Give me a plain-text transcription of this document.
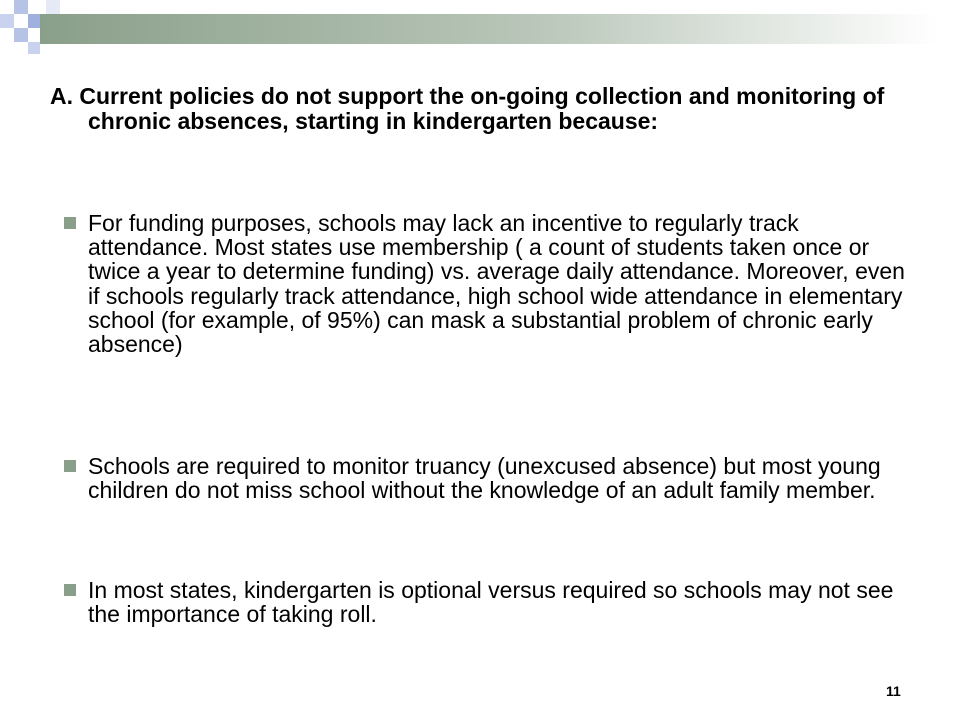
A. Current policies do not support the on-going collection and monitoring of chronic absences, starting in kindergarten because:

For funding purposes, schools may lack an incentive to regularly track attendance. Most states use membership ( a count of students taken once or twice a year to determine funding) vs. average daily attendance. Moreover, even if schools regularly track attendance, high school wide attendance in elementary school (for example, of 95%) can mask a substantial problem of chronic early absence)
Schools are required to monitor truancy (unexcused absence) but most young children do not miss school without the knowledge of an adult family member.
In most states, kindergarten is optional versus required so schools may not see the importance of taking roll.
11
